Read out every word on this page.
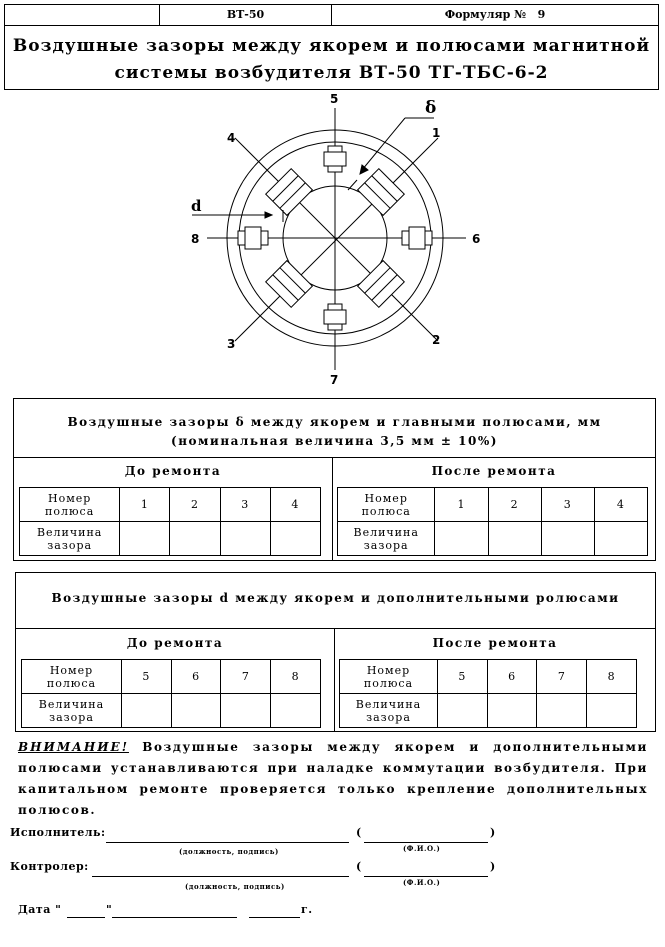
ВТ-50	Формуляр № 9
Воздушные зазоры между якорем и полюсами магнитной
системы возбудителя ВТ-50 ТГ-ТБС-6-2
5
1
4
8	6
3	2
7
δ
d
Воздушные зазоры δ между якорем и главными полюсами, мм
(номинальная величина 3,5 мм ± 10%)
До ремонта	После ремонта
Номер
полюса	1	2	3	4
Величина
зазора				
Номер
полюса	1	2	3	4
Величина
зазора				
Воздушные зазоры d между якорем и дополнительными ролюсами
До ремонта	После ремонта
Номер
полюса	5	6	7	8
Величина
зазора				
Номер
полюса	5	6	7	8
Величина
зазора				
ВНИМАНИЕ! Воздушные зазоры между якорем и дополнительными полюсами устанавливаются при наладке коммутации возбудителя. При капитальном ремонте проверяется только крепление дополнительных полюсов.
Исполнитель:	(	)
(должность, подпись)	(Ф.И.О.)
Контролер:	(	)
(должность, подпись)	(Ф.И.О.)
Дата "	"	г.
